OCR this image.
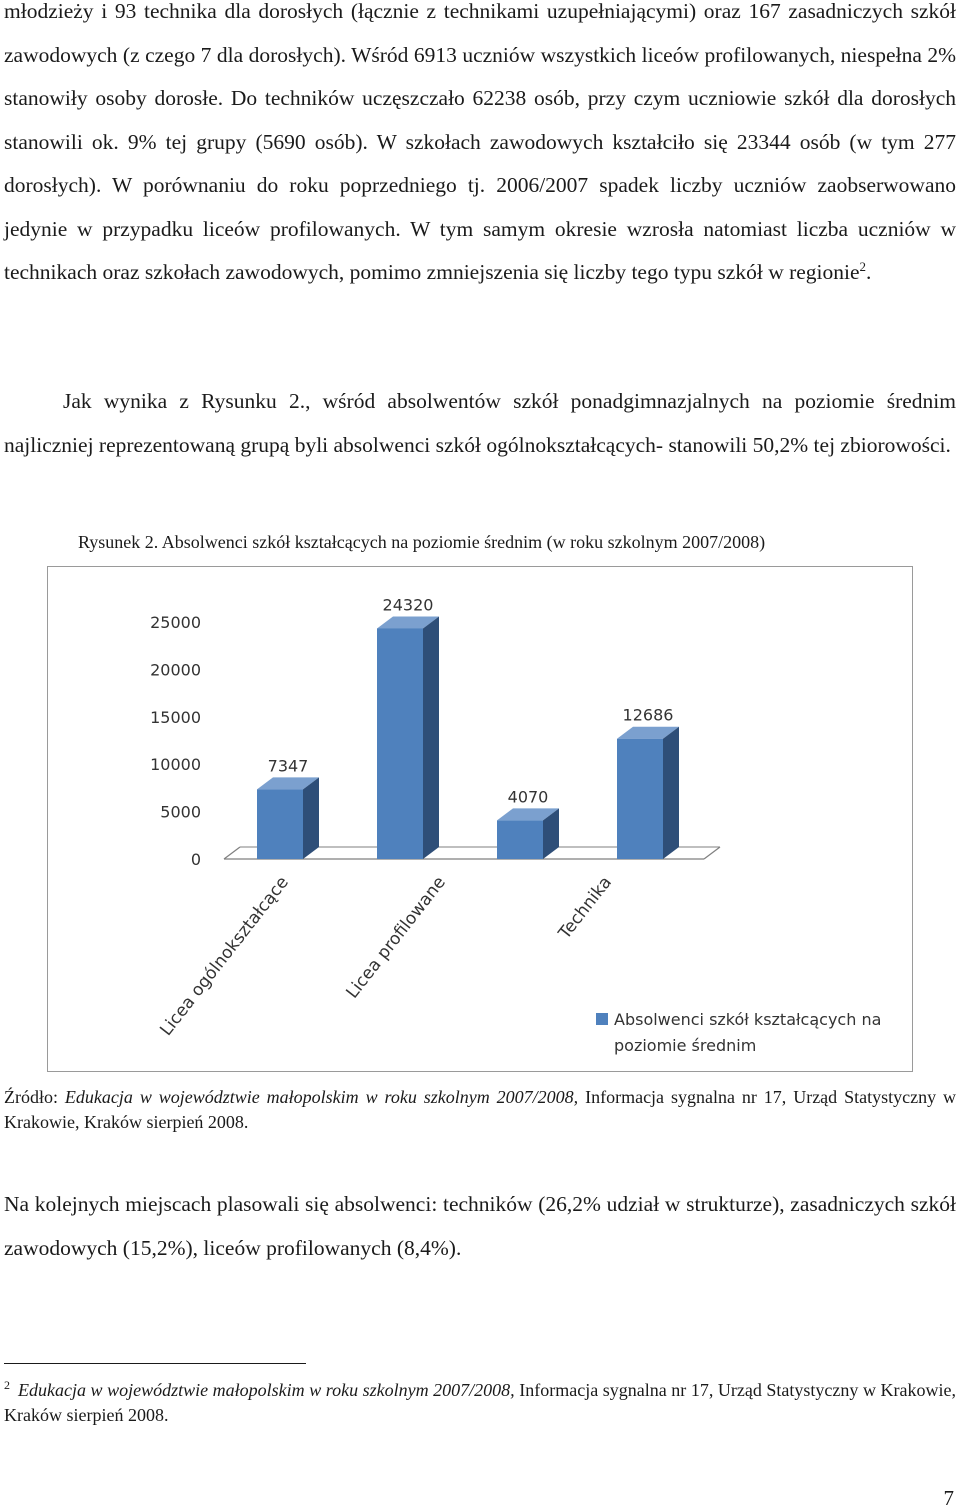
młodzieży i 93 technika dla dorosłych (łącznie z technikami uzupełniającymi) oraz 167 zasadniczych szkół zawodowych (z czego 7 dla dorosłych). Wśród 6913 uczniów wszystkich liceów profilowanych, niespełna 2% stanowiły osoby dorosłe. Do techników uczęszczało 62238 osób, przy czym uczniowie szkół dla dorosłych stanowili ok. 9% tej grupy (5690 osób). W szkołach zawodowych kształciło się 23344 osób (w tym 277 dorosłych). W porównaniu do roku poprzedniego tj. 2006/2007 spadek liczby uczniów zaobserwowano jedynie w przypadku liceów profilowanych. W tym samym okresie wzrosła natomiast liczba uczniów w technikach oraz szkołach zawodowych, pomimo zmniejszenia się liczby tego typu szkół w regionie$^2$.
Jak wynika z Rysunku 2., wśród absolwentów szkół ponadgimnazjalnych na poziomie średnim najliczniej reprezentowaną grupą byli absolwenci szkół ogólnokształcących- stanowili 50,2% tej zbiorowości.
Rysunek 2. Absolwenci szkół kształcących na poziomie średnim (w roku szkolnym 2007/2008)
0
5000
10000
15000
20000
25000
7347
24320
4070
12686
Licea ogólnokształcące	Licea profilowane	Technika
Absolwenci szkół kształcących na
poziomie średnim
Źródło: Edukacja w województwie małopolskim w roku szkolnym 2007/2008, Informacja sygnalna nr 17, Urząd Statystyczny w Krakowie, Kraków sierpień 2008.
Na kolejnych miejscach plasowali się absolwenci: techników (26,2% udział w strukturze), zasadniczych szkół zawodowych (15,2%), liceów profilowanych (8,4%).
$^2$ Edukacja w województwie małopolskim w roku szkolnym 2007/2008, Informacja sygnalna nr 17, Urząd Statystyczny w Krakowie, Kraków sierpień 2008.
7
